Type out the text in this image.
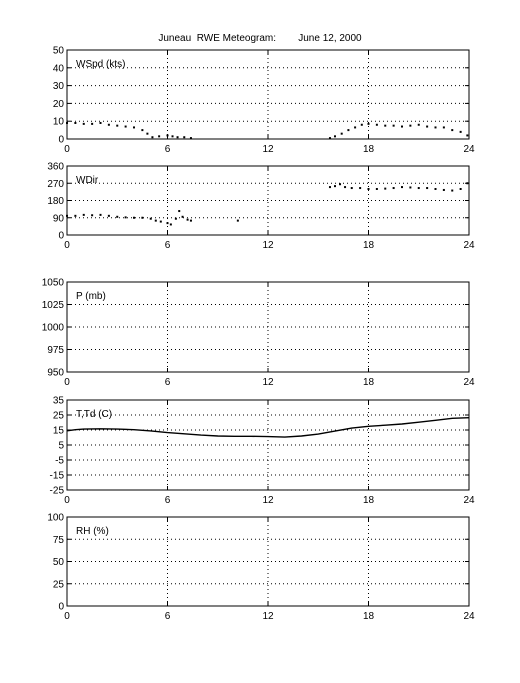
Juneau  RWE Meteogram:        June 12, 2000
0
10
20
30
40
50
0	6	12	18	24
WSpd (kts)
0
90
180
270
360
0	6	12	18	24
WDir
950
975
1000
1025
1050
0	6	12	18	24
P (mb)
-25
-15
-5
5
15
25
35
0	6	12	18	24
T,Td (C)
0
25
50
75
100
0	6	12	18	24
RH (%)
